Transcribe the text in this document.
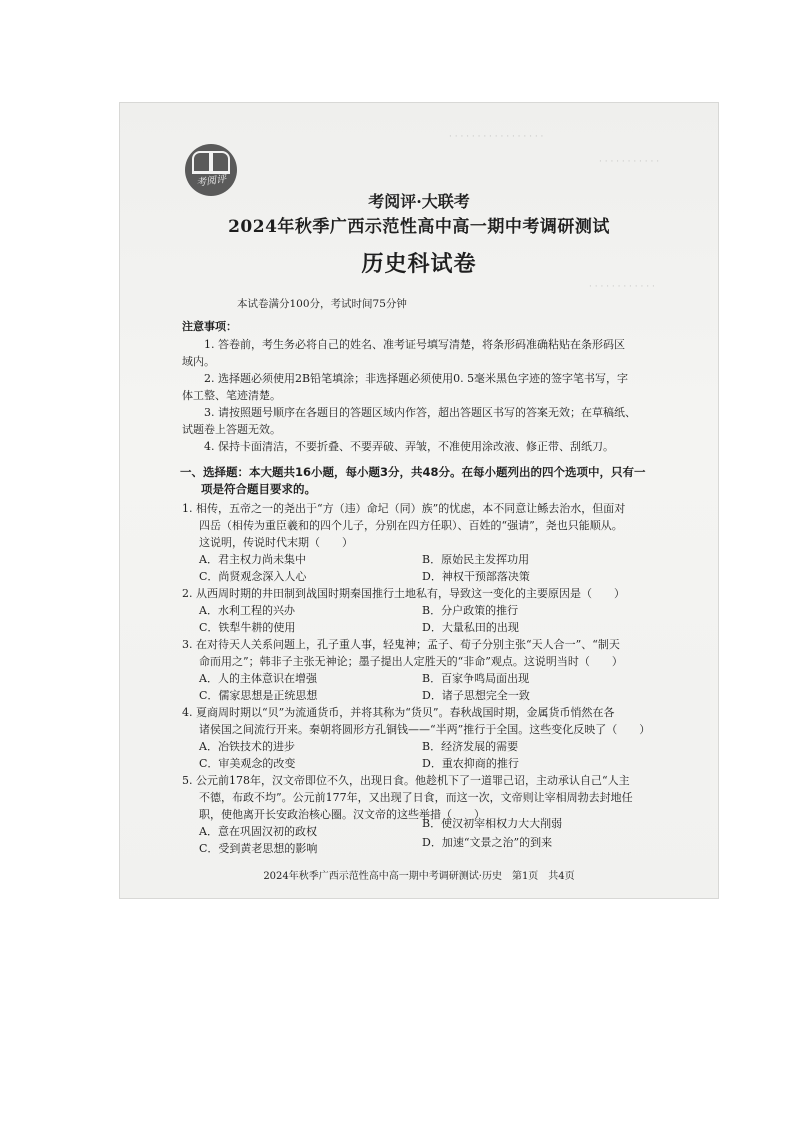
· · · · · · · · · · · · · · · · ·
· · · · · · · · · · ·
· · · · · · · · · · · ·
考阅评
考阅评·大联考
2024年秋季广西示范性高中高一期中考调研测试
历史科试卷
本试卷满分100分，考试时间75分钟
注意事项：
1. 答卷前，考生务必将自己的姓名、准考证号填写清楚，将条形码准确粘贴在条形码区
域内。
2. 选择题必须使用2B铅笔填涂；非选择题必须使用0. 5毫米黑色字迹的签字笔书写，字
体工整、笔迹清楚。
3. 请按照题号顺序在各题目的答题区域内作答，超出答题区书写的答案无效；在草稿纸、
试题卷上答题无效。
4. 保持卡面清洁，不要折叠、不要弄破、弄皱，不准使用涂改液、修正带、刮纸刀。
一、选择题：本大题共16小题，每小题3分，共48分。在每小题列出的四个选项中，只有一
项是符合题目要求的。
1. 相传，五帝之一的尧出于“方（违）命圮（同）族”的忧虑，本不同意让鲧去治水，但面对
四岳（相传为重臣羲和的四个儿子，分别在四方任职）、百姓的“强请”，尧也只能顺从。
这说明，传说时代末期（　　）
A．君主权力尚未集中	B．原始民主发挥功用
C．尚贤观念深入人心	D．神权干预部落决策
2. 从西周时期的井田制到战国时期秦国推行土地私有，导致这一变化的主要原因是（　　）
A．水利工程的兴办	B．分户政策的推行
C．铁犁牛耕的使用	D．大量私田的出现
3. 在对待天人关系问题上，孔子重人事，轻鬼神；孟子、荀子分别主张“天人合一”、“制天
命而用之”；韩非子主张无神论；墨子提出人定胜天的“非命”观点。这说明当时（　　）
A．人的主体意识在增强	B．百家争鸣局面出现
C．儒家思想是正统思想	D．诸子思想完全一致
4. 夏商周时期以“贝”为流通货币，并将其称为“货贝”。春秋战国时期，金属货币悄然在各
诸侯国之间流行开来。秦朝将圆形方孔铜钱——“半两”推行于全国。这些变化反映了（　　）
A．冶铁技术的进步	B．经济发展的需要
C．审美观念的改变	D．重农抑商的推行
5. 公元前178年，汉文帝即位不久，出现日食。他趁机下了一道罪己诏，主动承认自己“人主
不德，布政不均”。公元前177年，又出现了日食，而这一次，文帝则让宰相周勃去封地任
职，使他离开长安政治核心圈。汉文帝的这些举措（　　）
A．意在巩固汉初的政权
B．使汉初宰相权力大大削弱
C．受到黄老思想的影响	D．加速“文景之治”的到来
2024年秋季广西示范性高中高一期中考调研测试·历史　第1页　共4页
